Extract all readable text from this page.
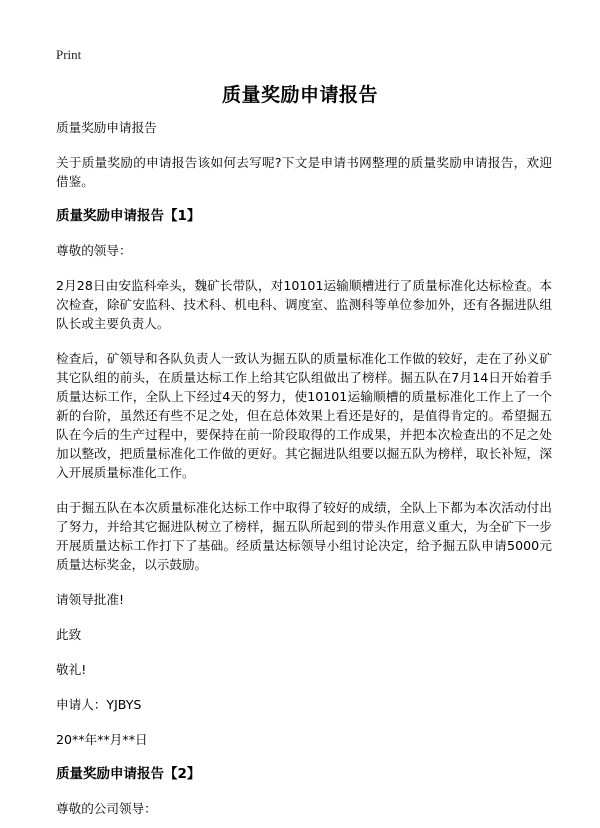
Print
质量奖励申请报告

质量奖励申请报告

关于质量奖励的申请报告该如何去写呢?下文是申请书网整理的质量奖励申请报告，欢迎借鉴。

质量奖励申请报告【1】

尊敬的领导：

2月28日由安监科牵头，魏矿长带队，对10101运输顺槽进行了质量标准化达标检查。本次检查，除矿安监科、技术科、机电科、调度室、监测科等单位参加外，还有各掘进队组队长或主要负责人。

检查后，矿领导和各队负责人一致认为掘五队的质量标准化工作做的较好，走在了孙义矿其它队组的前头，在质量达标工作上给其它队组做出了榜样。掘五队在7月14日开始着手质量达标工作，全队上下经过4天的努力，使10101运输顺槽的质量标准化工作上了一个新的台阶，虽然还有些不足之处，但在总体效果上看还是好的，是值得肯定的。希望掘五队在今后的生产过程中，要保持在前一阶段取得的工作成果，并把本次检查出的不足之处加以整改，把质量标准化工作做的更好。其它掘进队组要以掘五队为榜样，取长补短，深入开展质量标准化工作。

由于掘五队在本次质量标准化达标工作中取得了较好的成绩，全队上下都为本次活动付出了努力，并给其它掘进队树立了榜样，掘五队所起到的带头作用意义重大，为全矿下一步开展质量达标工作打下了基础。经质量达标领导小组讨论决定，给予掘五队申请5000元质量达标奖金，以示鼓励。

请领导批准!

此致

敬礼!

申请人：YJBYS

20**年**月**日

质量奖励申请报告【2】

尊敬的公司领导：
